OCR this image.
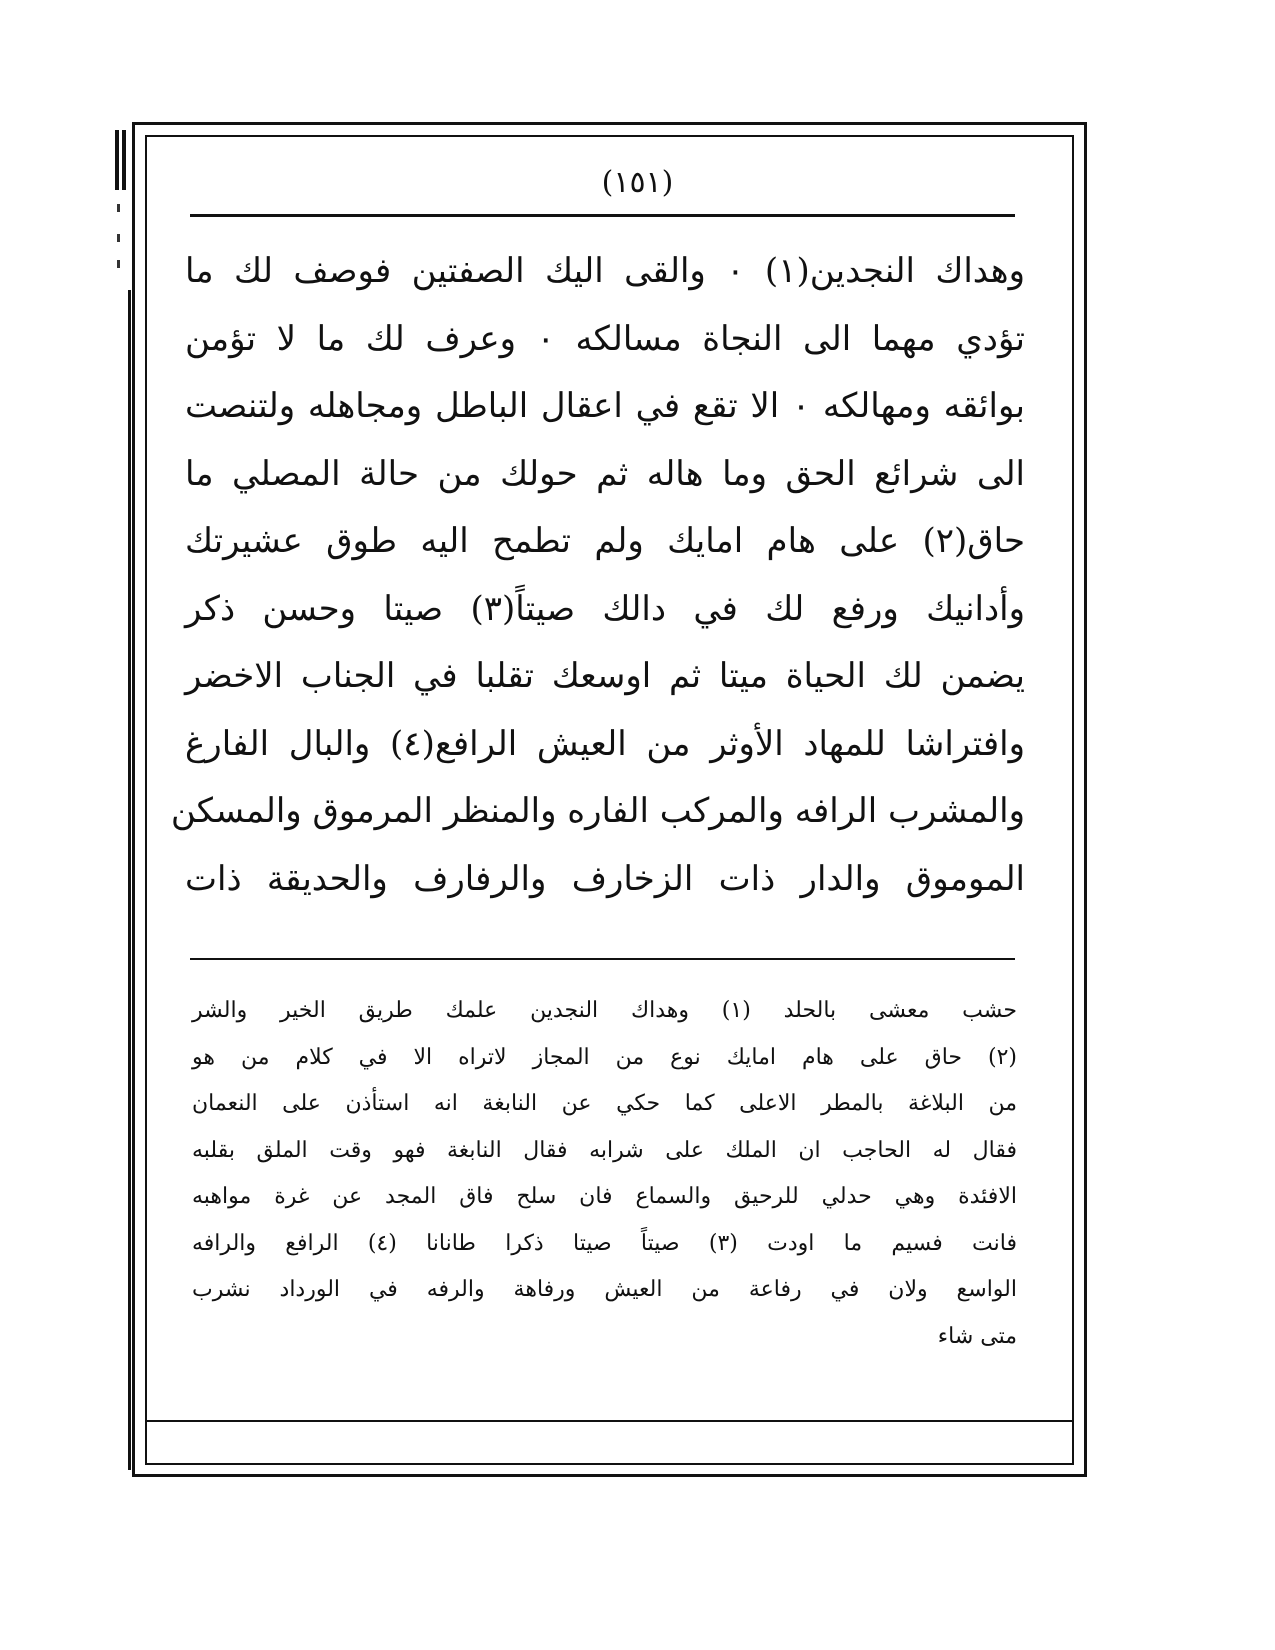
(١٥١)
وهداك النجدين(١) ٠ والقى اليك الصفتين فوصف لك ما
تؤدي مهما الى النجاة مسالكه ٠ وعرف لك ما لا تؤمن
بوائقه ومهالكه ٠ الا تقع في اعقال الباطل ومجاهله ولتنصت
الى شرائع الحق وما هاله ثم حولك من حالة المصلي ما
حاق(٢) على هام امايك ولم تطمح اليه طوق عشيرتك
وأدانيك ورفع لك في دالك صيتاً(٣) صيتا وحسن ذكر
يضمن لك الحياة ميتا ثم اوسعك تقلبا في الجناب الاخضر
وافتراشا للمهاد الأوثر من العيش الرافع(٤) والبال الفارغ
والمشرب الرافه والمركب الفاره والمنظر المرموق والمسكن
الموموق والدار ذات الزخارف والرفارف والحديقة ذات
حشب معشى بالحلد (١) وهداك النجدين علمك طريق الخير والشر
(٢) حاق على هام امايك نوع من المجاز لاتراه الا في كلام من هو
من البلاغة بالمطر الاعلى كما حكي عن النابغة انه استأذن على النعمان
فقال له الحاجب ان الملك على شرابه فقال النابغة فهو وقت الملق بقلبه
الافئدة وهي حدلي للرحيق والسماع فان سلح فاق المجد عن غرة مواهبه
فانت فسيم ما اودت (٣) صيتاً صيتا ذكرا طانانا (٤) الرافع والرافه
الواسع ولان في رفاعة من العيش ورفاهة والرفه في الورداد نشرب
متى شاء
